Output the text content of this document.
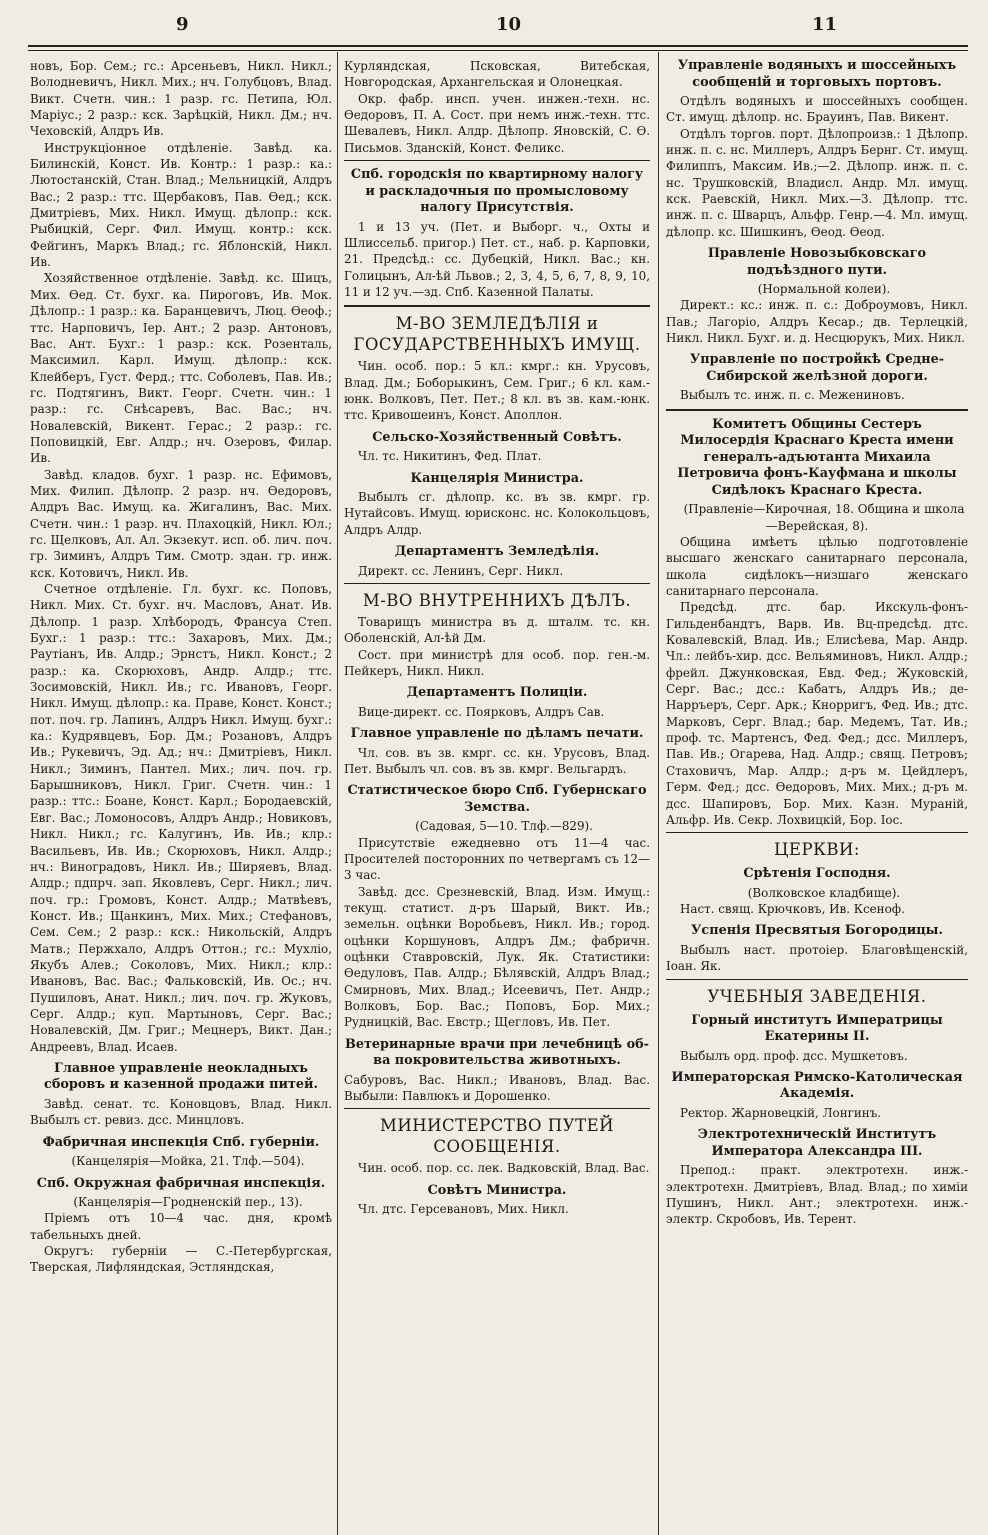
9	10	11

новъ, Бор. Сем.; гс.: Арсеньевъ, Никл. Никл.; Володневичъ, Никл. Мих.; нч. Голубцовъ, Влад. Викт. Счетн. чин.: 1 разр. гс. Петипа, Юл. Маріус.; 2 разр.: кск. Зарѣцкій, Никл. Дм.; нч. Чеховскій, Алдръ Ив.

Инструкціонное отдѣленіе. Завѣд. ка. Билинскій, Конст. Ив. Контр.: 1 разр.: ка.: Лютостанскій, Стан. Влад.; Мельницкій, Алдръ Вас.; 2 разр.: ттс. Щербаковъ, Пав. Ѳед.; кск. Дмитріевъ, Мих. Никл. Имущ. дѣлопр.: кск. Рыбицкій, Серг. Фил. Имущ. контр.: кск. Фейгинъ, Маркъ Влад.; гс. Яблонскій, Никл. Ив.

Хозяйственное отдѣленіе. Завѣд. кс. Шицъ, Мих. Ѳед. Ст. бухг. ка. Пироговъ, Ив. Мок. Дѣлопр.: 1 разр.: ка. Баранцевичъ, Люц. Ѳеоф.; ттс. Нарповичъ, Іер. Ант.; 2 разр. Антоновъ, Вас. Ант. Бухг.: 1 разр.: кск. Розенталь, Максимил. Карл. Имущ. дѣлопр.: кск. Клейберъ, Густ. Ферд.; ттс. Соболевъ, Пав. Ив.; гс. Подтягинъ, Викт. Георг. Счетн. чин.: 1 разр.: гс. Снѣсаревъ, Вас. Вас.; нч. Новалевскій, Викент. Герас.; 2 разр.: гс. Поповицкій, Евг. Алдр.; нч. Озеровъ, Филар. Ив.

Завѣд. кладов. бухг. 1 разр. нс. Ефимовъ, Мих. Филип. Дѣлопр. 2 разр. нч. Ѳедоровъ, Алдръ Вас. Имущ. ка. Жигалинъ, Вас. Мих. Счетн. чин.: 1 разр. нч. Плахоцкій, Никл. Юл.; гс. Щелковъ, Ал. Ал. Экзекут. исп. об. лич. поч. гр. Зиминъ, Алдръ Тим. Смотр. здан. гр. инж. кск. Котовичъ, Никл. Ив.

Счетное отдѣленіе. Гл. бухг. кс. Поповъ, Никл. Мих. Ст. бухг. нч. Масловъ, Анат. Ив. Дѣлопр. 1 разр. Хлѣбородъ, Франсуа Степ. Бухг.: 1 разр.: ттс.: Захаровъ, Мих. Дм.; Раутіанъ, Ив. Алдр.; Эрнстъ, Никл. Конст.; 2 разр.: ка. Скорюховъ, Андр. Алдр.; ттс. Зосимовскій, Никл. Ив.; гс. Ивановъ, Георг. Никл. Имущ. дѣлопр.: ка. Праве, Конст. Конст.; пот. поч. гр. Лапинъ, Алдръ Никл. Имущ. бухг.: ка.: Кудрявцевъ, Бор. Дм.; Розановъ, Алдръ Ив.; Рукевичъ, Эд. Ад.; нч.: Дмитріевъ, Никл. Никл.; Зиминъ, Пантел. Мих.; лич. поч. гр. Барышниковъ, Никл. Григ. Счетн. чин.: 1 разр.: ттс.: Боане, Конст. Карл.; Бородаевскій, Евг. Вас.; Ломоносовъ, Алдръ Андр.; Новиковъ, Никл. Никл.; гс. Калугинъ, Ив. Ив.; клр.: Васильевъ, Ив. Ив.; Скорюховъ, Никл. Алдр.; нч.: Виноградовъ, Никл. Ив.; Ширяевъ, Влад. Алдр.; пдпрч. зап. Яковлевъ, Серг. Никл.; лич. поч. гр.: Громовъ, Конст. Алдр.; Матвѣевъ, Конст. Ив.; Щанкинъ, Мих. Мих.; Стефановъ, Сем. Сем.; 2 разр.: кск.: Никольскій, Алдръ Матв.; Пержхало, Алдръ Оттон.; гс.: Мухліо, Якубъ Алев.; Соколовъ, Мих. Никл.; клр.: Ивановъ, Вас. Вас.; Фальковскій, Ив. Ос.; нч. Пушиловъ, Анат. Никл.; лич. поч. гр. Жуковъ, Серг. Алдр.; куп. Мартыновъ, Серг. Вас.; Новалевскій, Дм. Григ.; Мецнеръ, Викт. Дан.; Андреевъ, Влад. Исаев.

Главное управленіе неокладныхъ сборовъ и казенной продажи питей.

Завѣд. сенат. тс. Коновцовъ, Влад. Никл. Выбылъ ст. ревиз. дсс. Минцловъ.

Фабричная инспекція Спб. губерніи.

(Канцелярія—Мойка, 21. Тлф.—504).

Спб. Окружная фабричная инспекція.

(Канцелярія—Гродненскій пер., 13).

Пріемъ отъ 10—4 час. дня, кромѣ табельныхъ дней.

Округъ: губерніи — С.-Петербургская, Тверская, Лифляндская, Эстляндская,

Курляндская, Псковская, Витебская, Новгородская, Архангельская и Олонецкая.

Окр. фабр. инсп. учен. инжен.-техн. нс. Ѳедоровъ, П. А. Сост. при немъ инж.-техн. ттс. Шевалевъ, Никл. Алдр. Дѣлопр. Яновскій, С. Ѳ. Письмов. Зданскій, Конст. Феликс.

Спб. городскія по квартирному налогу и раскладочныя по промысловому налогу Присутствія.

1 и 13 уч. (Пет. и Выборг. ч., Охты и Шлиссельб. пригор.) Пет. ст., наб. р. Карповки, 21. Предсѣд.: сс. Дубецкій, Никл. Вас.; кн. Голицынъ, Ал-ѣй Львов.; 2, 3, 4, 5, 6, 7, 8, 9, 10, 11 и 12 уч.—зд. Спб. Казенной Палаты.

М-ВО ЗЕМЛЕДѢЛІЯ и ГОСУДАРСТВЕННЫХЪ ИМУЩ.

Чин. особ. пор.: 5 кл.: кмрг.: кн. Урусовъ, Влад. Дм.; Боборыкинъ, Сем. Григ.; 6 кл. кам.-юнк. Волковъ, Пет. Пет.; 8 кл. въ зв. кам.-юнк. ттс. Кривошеинъ, Конст. Аполлон.

Сельско-Хозяйственный Совѣтъ.

Чл. тс. Никитинъ, Фед. Плат.

Канцелярія Министра.

Выбылъ сг. дѣлопр. кс. въ зв. кмрг. гр. Нутайсовъ. Имущ. юрисконс. нс. Колокольцовъ, Алдръ Алдр.

Департаментъ Земледѣлія.

Директ. сс. Ленинъ, Серг. Никл.

М-ВО ВНУТРЕННИХЪ ДѢЛЪ.

Товарищъ министра въ д. шталм. тс. кн. Оболенскій, Ал-ѣй Дм.

Сост. при министрѣ для особ. пор. ген.-м. Пейкеръ, Никл. Никл.

Департаментъ Полиціи.

Вице-директ. сс. Поярковъ, Алдръ Сав.

Главное управленіе по дѣламъ печати.

Чл. сов. въ зв. кмрг. сс. кн. Урусовъ, Влад. Пет. Выбылъ чл. сов. въ зв. кмрг. Вельгардъ.

Статистическое бюро Спб. Губернскаго Земства.

(Садовая, 5—10. Тлф.—829).

Присутствіе ежедневно отъ 11—4 час. Просителей посторонних по четвергамъ съ 12—3 час.

Завѣд. дсс. Срезневскій, Влад. Изм. Имущ.: текущ. статист. д-ръ Шарый, Викт. Ив.; земельн. оцѣнки Воробьевъ, Никл. Ив.; город. оцѣнки Коршуновъ, Алдръ Дм.; фабричн. оцѣнки Ставровскій, Лук. Як. Статистики: Ѳедуловъ, Пав. Алдр.; Бѣлявскій, Алдръ Влад.; Смирновъ, Мих. Влад.; Исеевичъ, Пет. Андр.; Волковъ, Бор. Вас.; Поповъ, Бор. Мих.; Рудницкій, Вас. Евстр.; Щегловъ, Ив. Пет.

Ветеринарные врачи при лечебницѣ об-ва покровительства животныхъ.

Сабуровъ, Вас. Никл.; Ивановъ, Влад. Вас. Выбыли: Павлюкъ и Дорошенко.

МИНИСТЕРСТВО ПУТЕЙ СООБЩЕНІЯ.

Чин. особ. пор. сс. лек. Вадковскій, Влад. Вас.

Совѣтъ Министра.

Чл. дтс. Герсевановъ, Мих. Никл.

Управленіе водяныхъ и шоссейныхъ сообщеній и торговыхъ портовъ.

Отдѣлъ водяныхъ и шоссейныхъ сообщен. Ст. имущ. дѣлопр. нс. Брауинъ, Пав. Викент.

Отдѣлъ торгов. порт. Дѣлопроизв.: 1 Дѣлопр. инж. п. с. нс. Миллеръ, Алдръ Бернг. Ст. имущ. Филиппъ, Максим. Ив.;—2. Дѣлопр. инж. п. с. нс. Трушковскій, Владисл. Андр. Мл. имущ. кск. Раевскій, Никл. Мих.—3. Дѣлопр. ттс. инж. п. с. Шварцъ, Альфр. Генр.—4. Мл. имущ. дѣлопр. кс. Шишкинъ, Ѳеод. Ѳеод.

Правленіе Новозыбковскаго подъѣздного пути.

(Нормальной колеи).

Директ.: кс.: инж. п. с.: Доброумовъ, Никл. Пав.; Лагоріо, Алдръ Кесар.; дв. Терлецкій, Никл. Никл. Бухг. и. д. Несцюрукъ, Мих. Никл.

Управленіе по постройкѣ Средне-Сибирской желѣзной дороги.

Выбылъ тс. инж. п. с. Межениновъ.

Комитетъ Общины Сестеръ Милосердія Краснаго Креста имени генералъ-адъютанта Михаила Петровича фонъ-Кауфмана и школы Сидѣлокъ Краснаго Креста.

(Правленіе—Кирочная, 18. Община и школа—Верейская, 8).

Община имѣетъ цѣлью подготовленіе высшаго женскаго санитарнаго персонала, школа сидѣлокъ—низшаго женскаго санитарнаго персонала.

Предсѣд. дтс. бар. Икскуль-фонъ-Гильденбандтъ, Варв. Ив. Вц-предсѣд. дтс. Ковалевскій, Влад. Ив.; Елисѣева, Мар. Андр. Чл.: лейбъ-хир. дсс. Вельяминовъ, Никл. Алдр.; фрейл. Джунковская, Евд. Фед.; Жуковскій, Серг. Вас.; дсс.: Кабатъ, Алдръ Ив.; де-Нарръеръ, Серг. Арк.; Кнорригъ, Фед. Ив.; дтс. Марковъ, Серг. Влад.; бар. Медемъ, Тат. Ив.; проф. тс. Мартенсъ, Фед. Фед.; дсс. Миллеръ, Пав. Ив.; Огарева, Над. Алдр.; свящ. Петровъ; Стаховичъ, Мар. Алдр.; д-ръ м. Цейдлеръ, Герм. Фед.; дсс. Ѳедоровъ, Мих. Мих.; д-ръ м. дсс. Шапировъ, Бор. Мих. Казн. Мураній, Альфр. Ив. Секр. Лохвицкій, Бор. Іос.

ЦЕРКВИ:
Срѣтенія Господня.

(Волковское кладбище).

Наст. свящ. Крючковъ, Ив. Ксеноф.

Успенія Пресвятыя Богородицы.

Выбылъ наст. протоіер. Благовѣщенскій, Іоан. Як.

УЧЕБНЫЯ ЗАВЕДЕНІЯ.
Горный институтъ Императрицы Екатерины II.

Выбылъ орд. проф. дсс. Мушкетовъ.

Императорская Римско-Католическая Академія.

Ректор. Жарновецкій, Лонгинъ.

Электротехническій Институтъ Императора Александра III.

Препод.: практ. электротехн. инж.-электротехн. Дмитріевъ, Влад. Влад.; по химіи Пушинъ, Никл. Ант.; электротехн. инж.-электр. Скробовъ, Ив. Терент.
